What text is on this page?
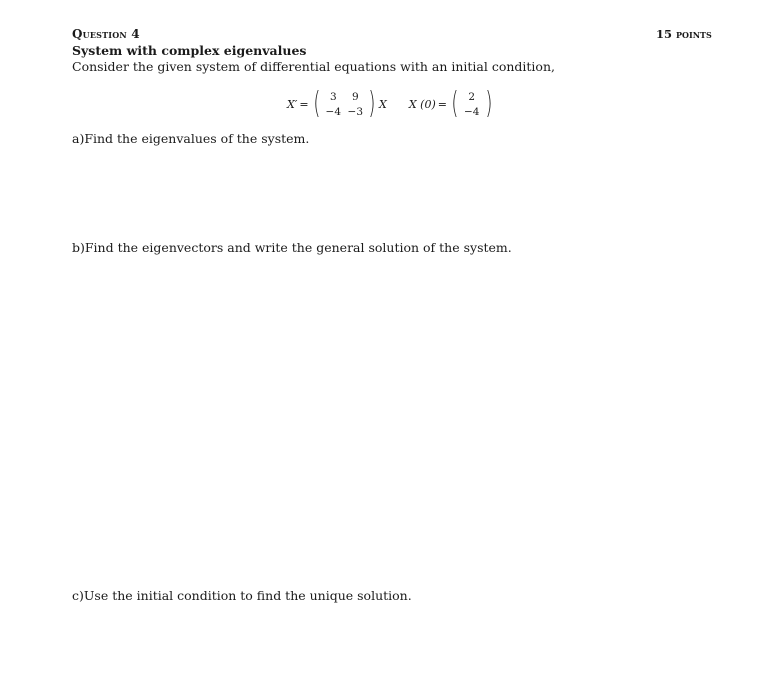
Question 4	15 points
System with complex eigenvalues
Consider the given system of differential equations with an initial condition,
X′ = ( 3 9
−4 −3 ) X X (0) = ( 2
−4 )
a)Find the eigenvalues of the system.
b)Find the eigenvectors and write the general solution of the system.
c)Use the initial condition to find the unique solution.
